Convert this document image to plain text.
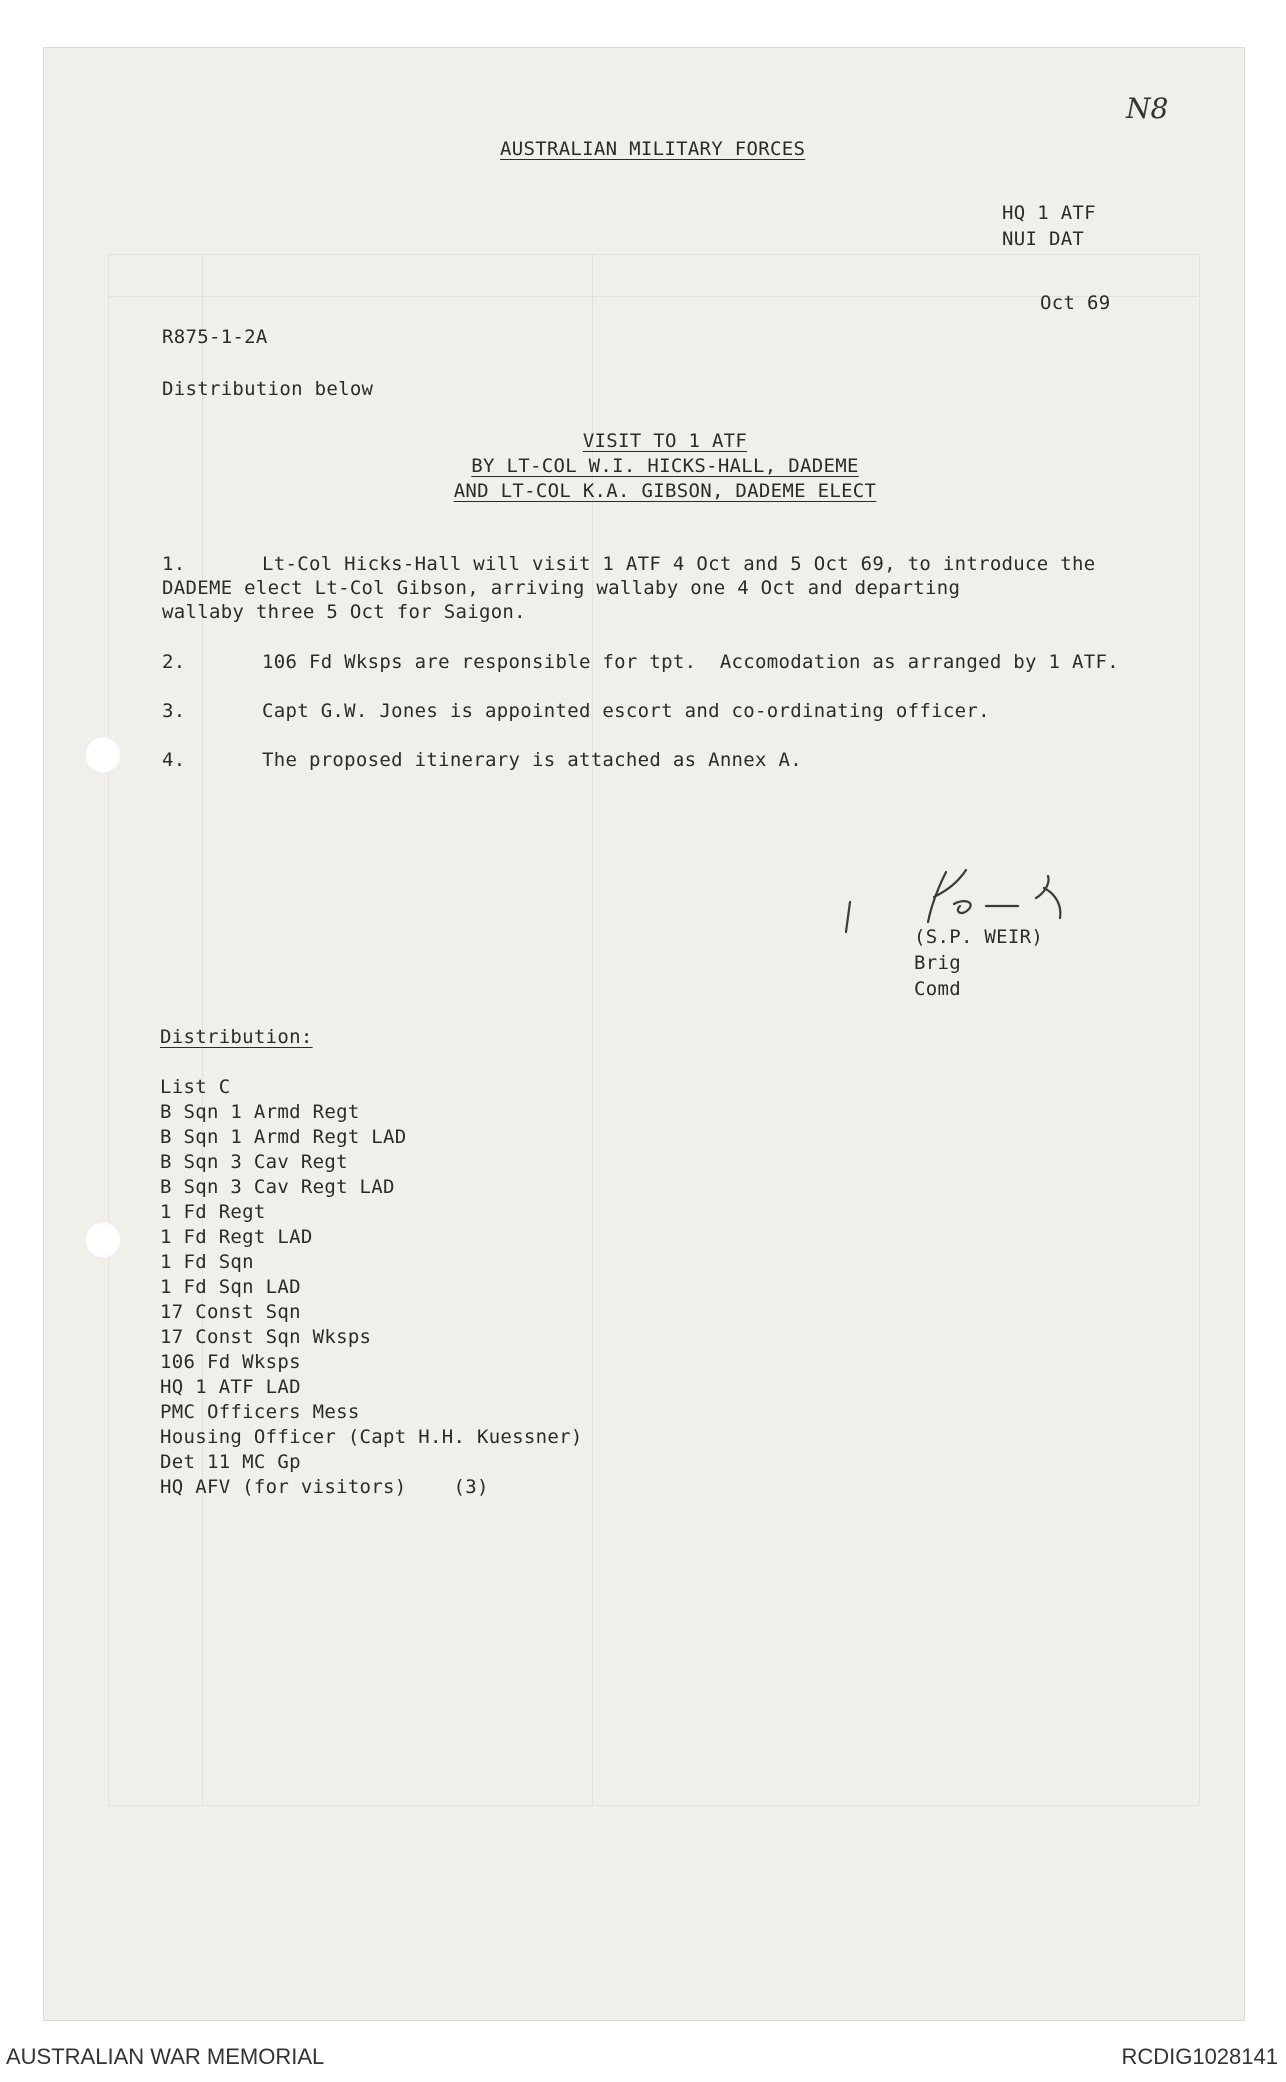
N8
AUSTRALIAN MILITARY FORCES
HQ 1 ATF
NUI DAT
Oct 69
R875-1-2A
Distribution below
VISIT TO 1 ATF
BY LT-COL W.I. HICKS-HALL, DADEME
AND LT-COL K.A. GIBSON, DADEME ELECT
1.	Lt-Col Hicks-Hall will visit 1 ATF 4 Oct and 5 Oct 69, to introduce the
DADEME elect Lt-Col Gibson, arriving wallaby one 4 Oct and departing
wallaby three 5 Oct for Saigon.
2.	106 Fd Wksps are responsible for tpt.  Accomodation as arranged by 1 ATF.
3.	Capt G.W. Jones is appointed escort and co-ordinating officer.
4.	The proposed itinerary is attached as Annex A.
(S.P. WEIR)
Brig
Comd
Distribution:
List C
B Sqn 1 Armd Regt
B Sqn 1 Armd Regt LAD
B Sqn 3 Cav Regt
B Sqn 3 Cav Regt LAD
1 Fd Regt
1 Fd Regt LAD
1 Fd Sqn
1 Fd Sqn LAD
17 Const Sqn
17 Const Sqn Wksps
106 Fd Wksps
HQ 1 ATF LAD
PMC Officers Mess
Housing Officer (Capt H.H. Kuessner)
Det 11 MC Gp
HQ AFV (for visitors)    (3)
AUSTRALIAN WAR MEMORIAL	RCDIG1028141
